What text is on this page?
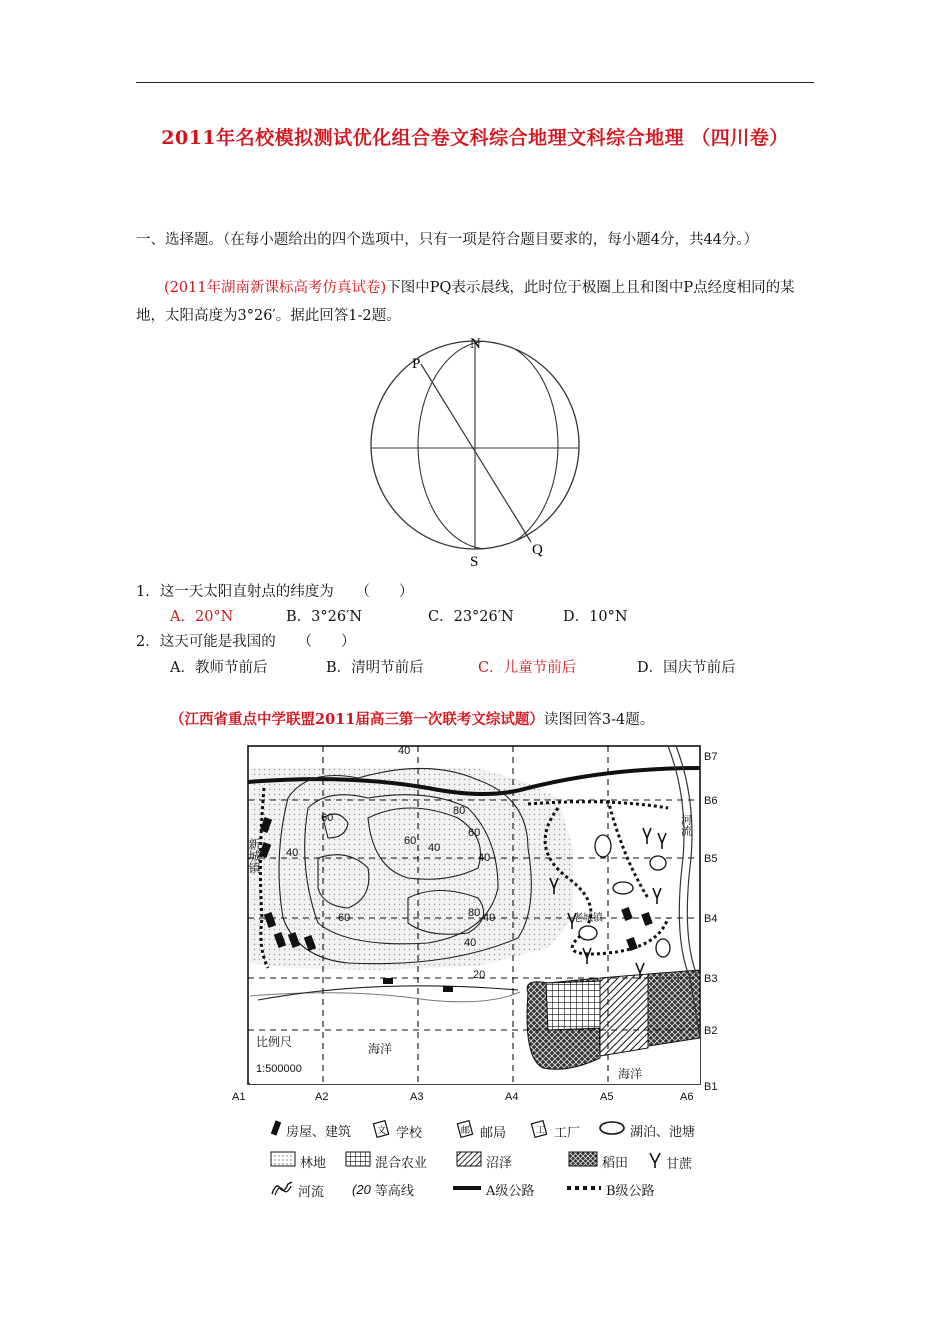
2011年名校模拟测试优化组合卷文科综合地理文科综合地理 （四川卷）
一、选择题。（在每小题给出的四个选项中，只有一项是符合题目要求的，每小题4分，共44分。）
(2011年湖南新课标高考仿真试卷)下图中PQ表示晨线，此时位于极圈上且和图中P点经度相同的某地，太阳高度为3°26′。据此回答1-2题。
P
N
S
Q
1．这一天太阳直射点的纬度为　　（　　）
A．20°N	B．3°26′N	C．23°26′N	D．10°N
2．这天可能是我国的　　（　　）
A．教师节前后	B．清明节前后	C．儿童节前后	D．国庆节前后
（江西省重点中学联盟2011届高三第一次联考文综试题）读图回答3-4题。
40
80
60
60
40
40
60
40
80 40
60
40
20
新城镇
老城镇
河流
海洋
海洋
比例尺
1:500000
A1	A2	A3	A4	A5	A6
B7
B6
B5
B4
B3
B2
B1
房屋、建筑	文 学校	邮 邮局	工 工厂	湖泊、池塘
林地	混合农业	沼泽	稻田	甘蔗
河流 (20 等高线	A级公路	B级公路
